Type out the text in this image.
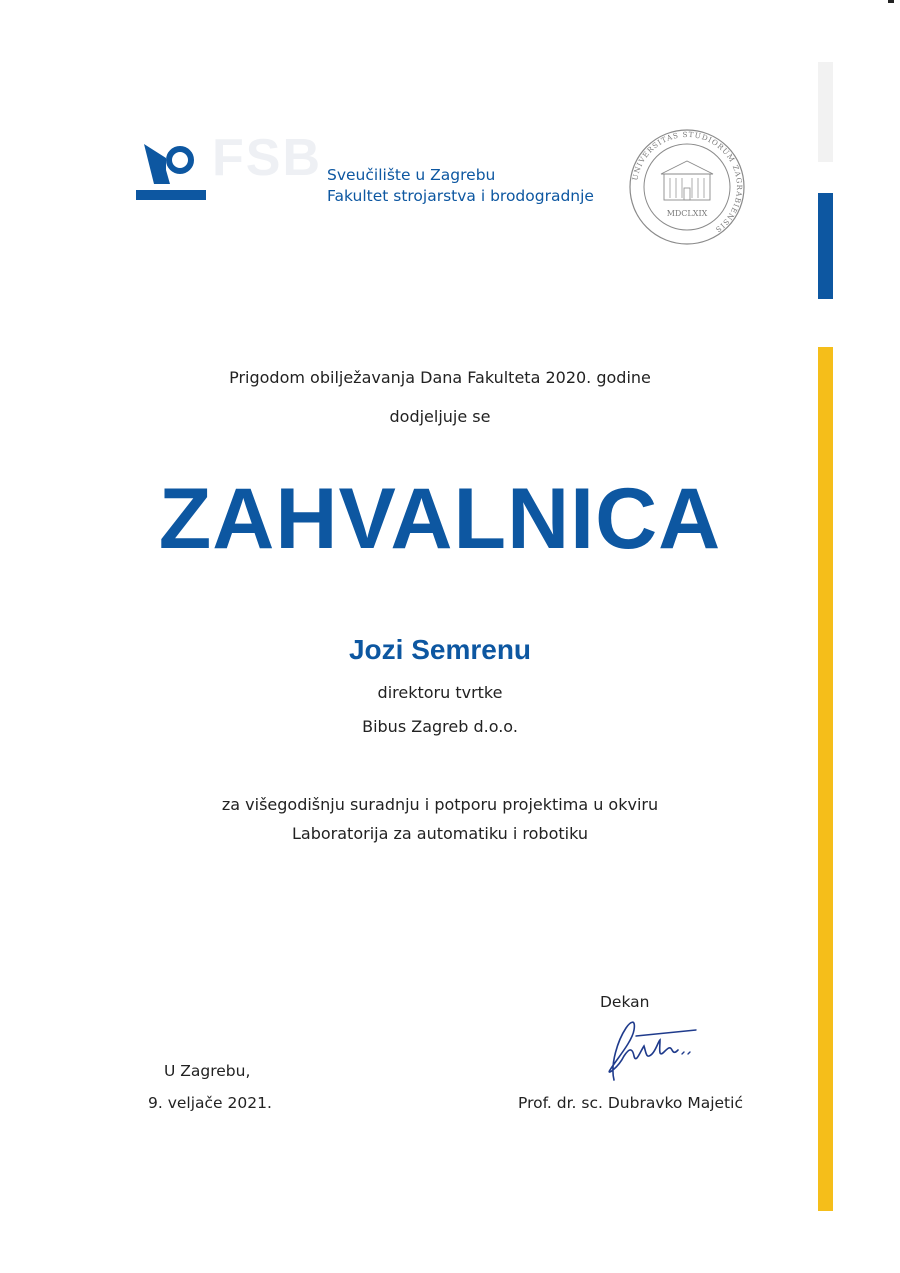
FSB Sveučilište u Zagrebu
Fakultet strojarstva i brodogradnje
UNIVERSITAS STUDIORUM ZAGRABIENSIS
MDCLXIX
Prigodom obilježavanja Dana Fakulteta 2020. godine
dodjeljuje se
ZAHVALNICA
Jozi Semrenu
direktoru tvrtke
Bibus Zagreb d.o.o.
za višegodišnju suradnju i potporu projektima u okviru
Laboratorija za automatiku i robotiku
U Zagrebu,
9. veljače 2021.
Dekan
Prof. dr. sc. Dubravko Majetić
